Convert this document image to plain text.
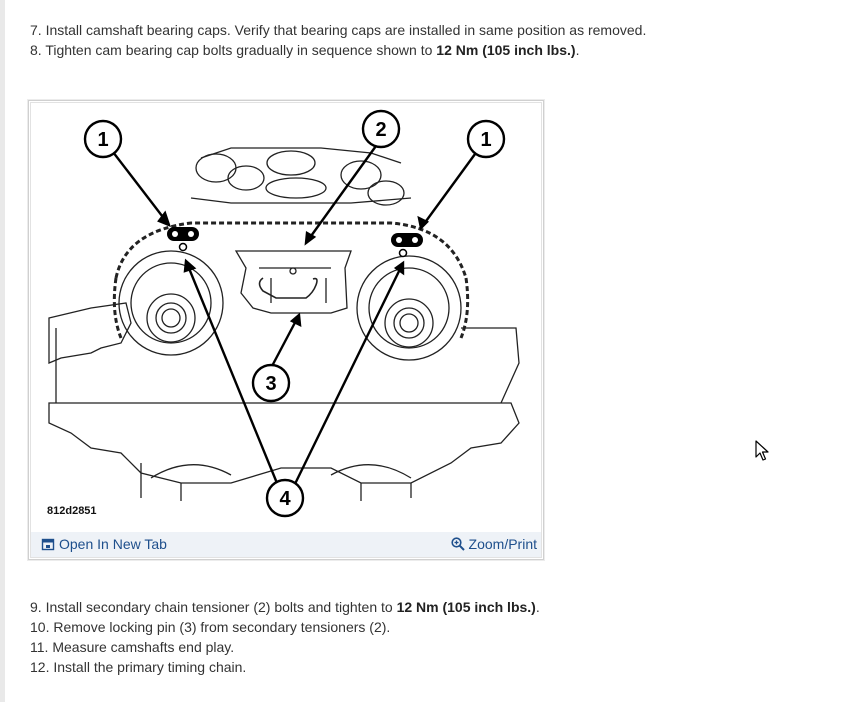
7. Install camshaft bearing caps. Verify that bearing caps are installed in same position as removed.
8. Tighten cam bearing cap bolts gradually in sequence shown to 12 Nm (105 inch lbs.).
1	2	1
3
4
812d2851
Open In New Tab	Zoom/Print
9. Install secondary chain tensioner (2) bolts and tighten to 12 Nm (105 inch lbs.).
10. Remove locking pin (3) from secondary tensioners (2).
11. Measure camshafts end play.
12. Install the primary timing chain.
